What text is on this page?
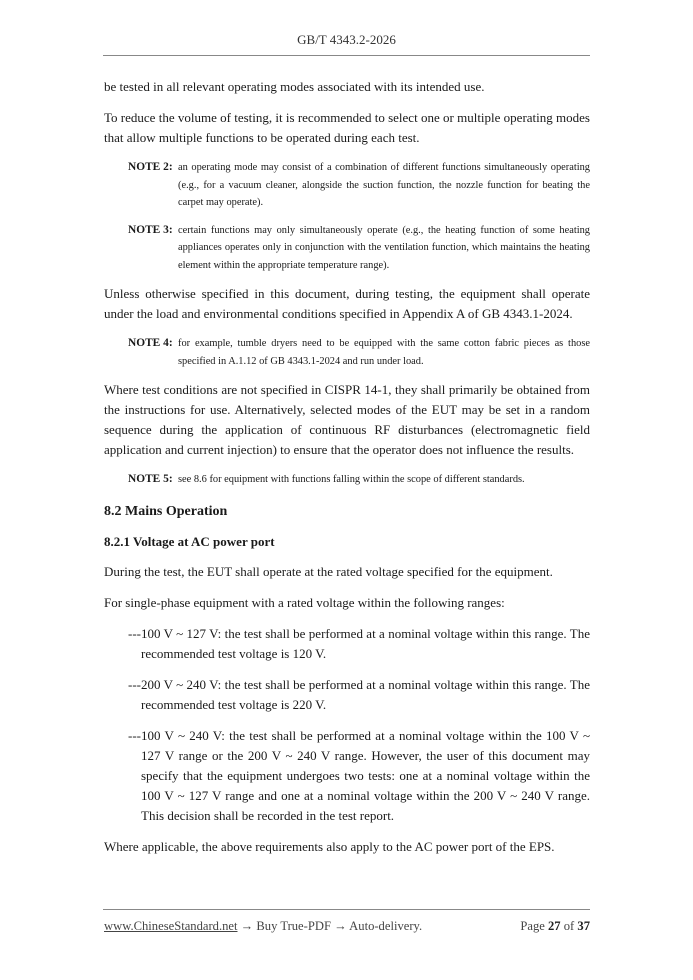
GB/T 4343.2-2026

be tested in all relevant operating modes associated with its intended use.

To reduce the volume of testing, it is recommended to select one or multiple operating modes that allow multiple functions to be operated during each test.

NOTE 2: an operating mode may consist of a combination of different functions simultaneously operating (e.g., for a vacuum cleaner, alongside the suction function, the nozzle function for beating the carpet may operate).
NOTE 3: certain functions may only simultaneously operate (e.g., the heating function of some heating appliances operates only in conjunction with the ventilation function, which maintains the heating element within the appropriate temperature range).

Unless otherwise specified in this document, during testing, the equipment shall operate under the load and environmental conditions specified in Appendix A of GB 4343.1-2024.

NOTE 4: for example, tumble dryers need to be equipped with the same cotton fabric pieces as those specified in A.1.12 of GB 4343.1-2024 and run under load.

Where test conditions are not specified in CISPR 14-1, they shall primarily be obtained from the instructions for use. Alternatively, selected modes of the EUT may be set in a random sequence during the application of continuous RF disturbances (electromagnetic field application and current injection) to ensure that the operator does not influence the results.

NOTE 5: see 8.6 for equipment with functions falling within the scope of different standards.
8.2 Mains Operation
8.2.1 Voltage at AC power port

During the test, the EUT shall operate at the rated voltage specified for the equipment.

For single-phase equipment with a rated voltage within the following ranges:

--- 100 V ~ 127 V: the test shall be performed at a nominal voltage within this range. The recommended test voltage is 120 V.
--- 200 V ~ 240 V: the test shall be performed at a nominal voltage within this range. The recommended test voltage is 220 V.
--- 100 V ~ 240 V: the test shall be performed at a nominal voltage within the 100 V ~ 127 V range or the 200 V ~ 240 V range. However, the user of this document may specify that the equipment undergoes two tests: one at a nominal voltage within the 100 V ~ 127 V range and one at a nominal voltage within the 200 V ~ 240 V range. This decision shall be recorded in the test report.

Where applicable, the above requirements also apply to the AC power port of the EPS.

www.ChineseStandard.net → Buy True-PDF → Auto-delivery.	Page 27 of 37
